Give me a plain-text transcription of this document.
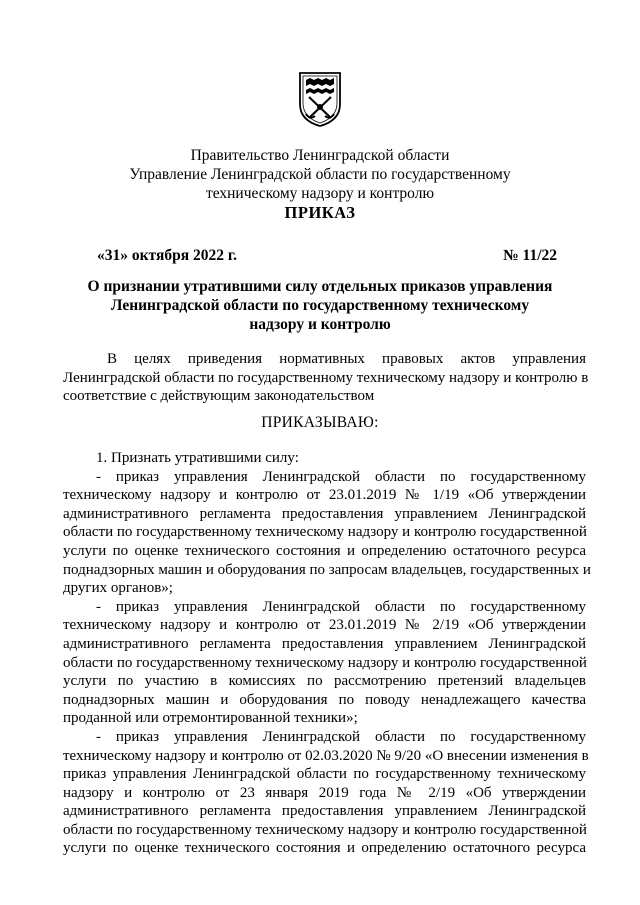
Правительство Ленинградской области
Управление Ленинградской области по государственному
техническому надзору и контролю
ПРИКАЗ
«31» октября 2022 г.	№ 11/22
О признании утратившими силу отдельных приказов управления
Ленинградской области по государственному техническому
надзору и контролю
В целях приведения нормативных правовых актов управления
Ленинградской области по государственному техническому надзору и контролю в
соответствие с действующим законодательством
ПРИКАЗЫВАЮ:
1. Признать утратившими силу:
- приказ управления Ленинградской области по государственному
техническому надзору и контролю от 23.01.2019 № 1/19 «Об утверждении
административного регламента предоставления управлением Ленинградской
области по государственному техническому надзору и контролю государственной
услуги по оценке технического состояния и определению остаточного ресурса
поднадзорных машин и оборудования по запросам владельцев, государственных и
других органов»;
- приказ управления Ленинградской области по государственному
техническому надзору и контролю от 23.01.2019 № 2/19 «Об утверждении
административного регламента предоставления управлением Ленинградской
области по государственному техническому надзору и контролю государственной
услуги по участию в комиссиях по рассмотрению претензий владельцев
поднадзорных машин и оборудования по поводу ненадлежащего качества
проданной или отремонтированной техники»;
- приказ управления Ленинградской области по государственному
техническому надзору и контролю от 02.03.2020 № 9/20 «О внесении изменения в
приказ управления Ленинградской области по государственному техническому
надзору и контролю от 23 января 2019 года № 2/19 «Об утверждении
административного регламента предоставления управлением Ленинградской
области по государственному техническому надзору и контролю государственной
услуги по оценке технического состояния и определению остаточного ресурса
